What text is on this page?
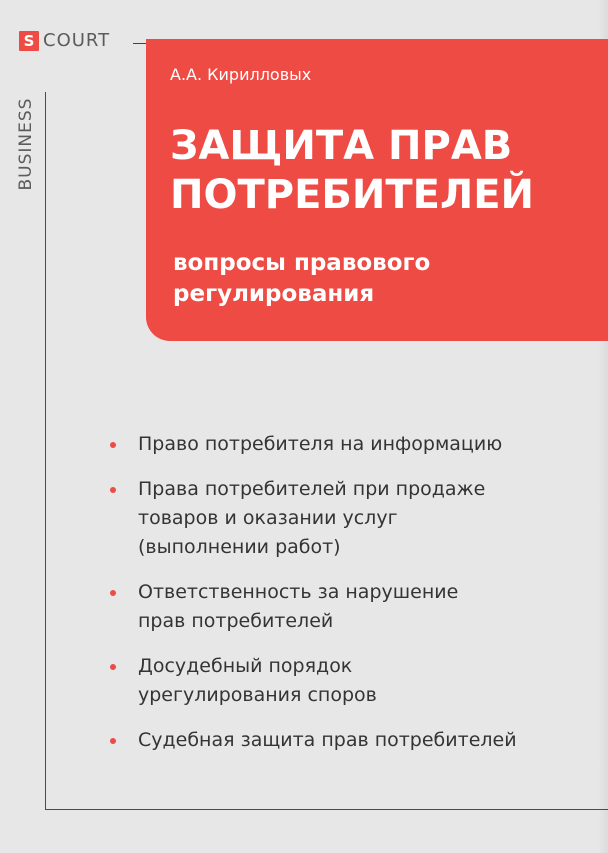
S COURT
BUSINESS
А.А. Кирилловых
ЗАЩИТА ПРАВ ПОТРЕБИТЕЛЕЙ
вопросы правового регулирования
Право потребителя на информацию
Права потребителей при продаже
товаров и оказании услуг
(выполнении работ)
Ответственность за нарушение
прав потребителей
Досудебный порядок
урегулирования споров
Судебная защита прав потребителей
